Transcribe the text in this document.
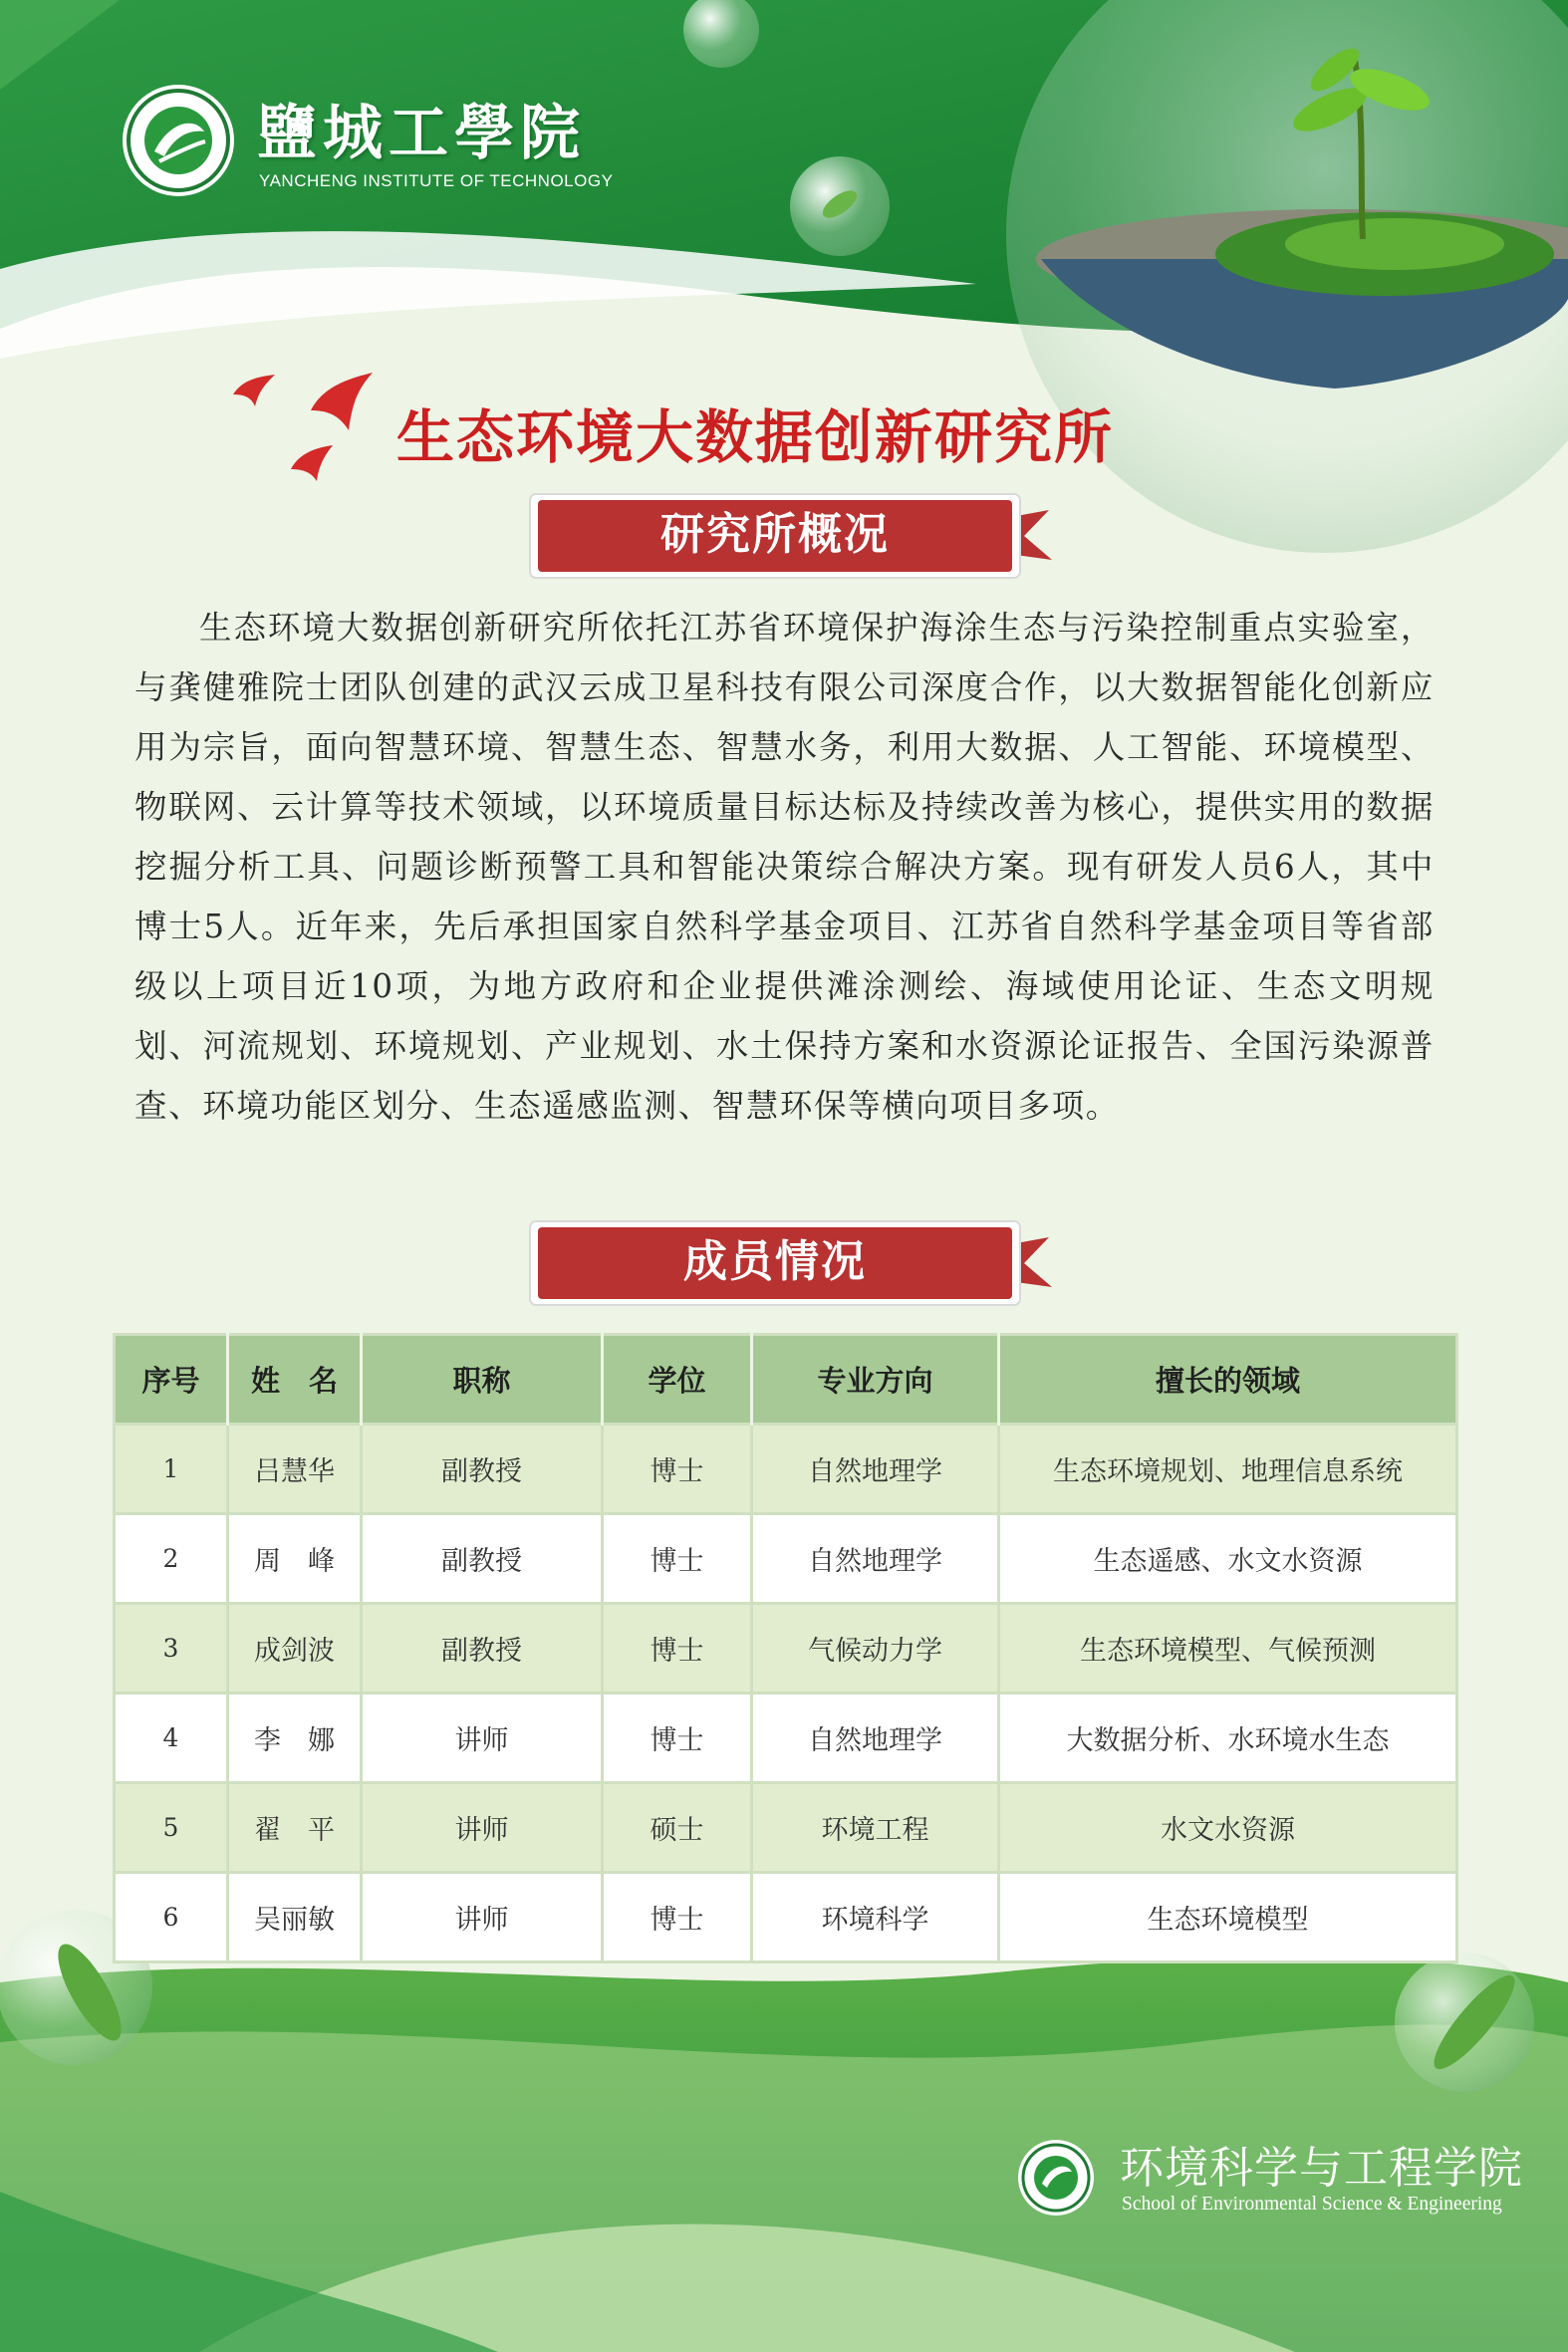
鹽城工學院
YANCHENG INSTITUTE OF TECHNOLOGY
生态环境大数据创新研究所
研究所概况

生态环境大数据创新研究所依托江苏省环境保护海涂生态与污染控制重点实验室，与龚健雅院士团队创建的武汉云成卫星科技有限公司深度合作，以大数据智能化创新应用为宗旨，面向智慧环境、智慧生态、智慧水务，利用大数据、人工智能、环境模型、物联网、云计算等技术领域，以环境质量目标达标及持续改善为核心，提供实用的数据挖掘分析工具、问题诊断预警工具和智能决策综合解决方案。现有研发人员6人，其中博士5人。近年来，先后承担国家自然科学基金项目、江苏省自然科学基金项目等省部级以上项目近10项，为地方政府和企业提供滩涂测绘、海域使用论证、生态文明规划、河流规划、环境规划、产业规划、水土保持方案和水资源论证报告、全国污染源普查、环境功能区划分、生态遥感监测、智慧环保等横向项目多项。

成员情况
序号	姓　名	职称	学位	专业方向	擅长的领域
1	吕慧华	副教授	博士	自然地理学	生态环境规划、地理信息系统
2	周　峰	副教授	博士	自然地理学	生态遥感、水文水资源
3	成剑波	副教授	博士	气候动力学	生态环境模型、气候预测
4	李　娜	讲师	博士	自然地理学	大数据分析、水环境水生态
5	翟　平	讲师	硕士	环境工程	水文水资源
6	吴丽敏	讲师	博士	环境科学	生态环境模型
环境科学与工程学院
School of Environmental Science & Engineering
